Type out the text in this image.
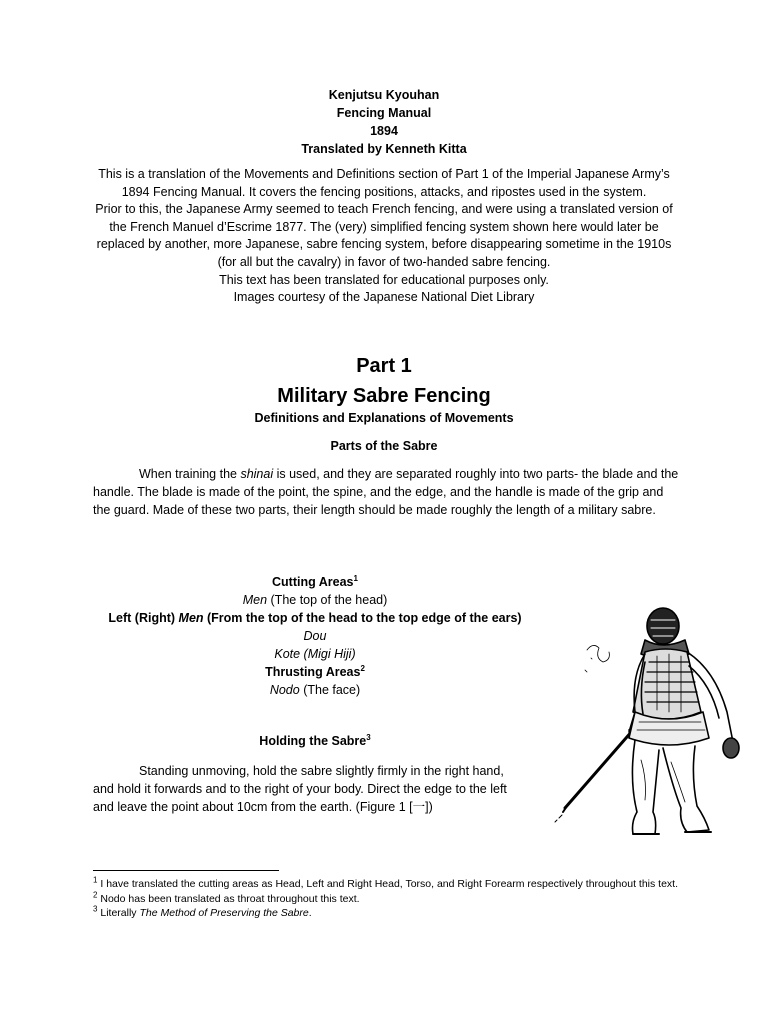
Kenjutsu Kyouhan
Fencing Manual
1894
Translated by Kenneth Kitta

This is a translation of the Movements and Definitions section of Part 1 of the Imperial Japanese Army’s 1894 Fencing Manual. It covers the fencing positions, attacks, and ripostes used in the system.

Prior to this, the Japanese Army seemed to teach French fencing, and were using a translated version of the French Manuel d’Escrime 1877. The (very) simplified fencing system shown here would later be replaced by another, more Japanese, sabre fencing system, before disappearing sometime in the 1910s (for all but the cavalry) in favor of two-handed sabre fencing.

This text has been translated for educational purposes only.

Images courtesy of the Japanese National Diet Library

Part 1
Military Sabre Fencing
Definitions and Explanations of Movements
Parts of the Sabre

When training the shinai is used, and they are separated roughly into two parts- the blade and the handle. The blade is made of the point, the spine, and the edge, and the handle is made of the grip and the guard. Made of these two parts, their length should be made roughly the length of a military sabre.

Cutting Areas$^1$
Men (The top of the head)
Left (Right) Men (From the top of the head to the top edge of the ears)
Dou
Kote (Migi Hiji)
Thrusting Areas$^2$
Nodo (The face)
Holding the Sabre$^3$
Standing unmoving, hold the sabre slightly firmly in the right hand,
and hold it forwards and to the right of your body. Direct the edge to the left
and leave the point about 10cm from the earth. (Figure 1 [一])

$^1$ I have translated the cutting areas as Head, Left and Right Head, Torso, and Right Forearm respectively throughout this text.

$^2$ Nodo has been translated as throat throughout this text.

$^3$ Literally The Method of Preserving the Sabre.
